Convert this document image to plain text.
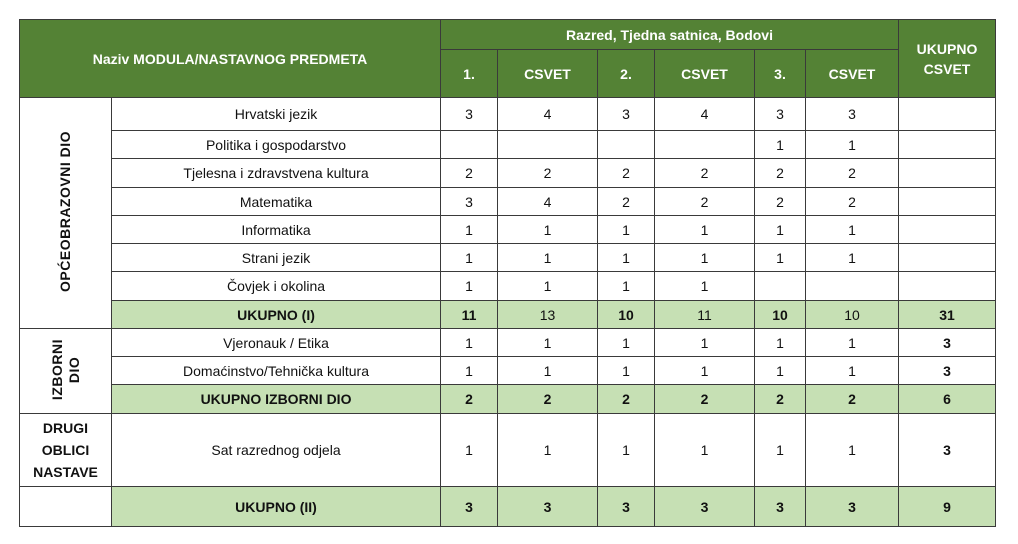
Naziv MODULA/NASTAVNOG PREDMETA		Razred, Tjedna satnica, Bodovi						UKUPNO
CSVET
		1.	CSVET	2.	CSVET	3.	CSVET	
OPĆEOBRAZOVNI DIO	Hrvatski jezik	3	4	3	4	3	3	
	Politika i gospodarstvo					1	1	
	Tjelesna i zdravstvena kultura	2	2	2	2	2	2	
	Matematika	3	4	2	2	2	2	
	Informatika	1	1	1	1	1	1	
	Strani jezik	1	1	1	1	1	1	
	Čovjek i okolina	1	1	1	1			
	UKUPNO (I)	11	13	10	11	10	10	31
IZBORNI
DIO	Vjeronauk / Etika	1	1	1	1	1	1	3
	Domaćinstvo/Tehnička kultura	1	1	1	1	1	1	3
	UKUPNO IZBORNI DIO	2	2	2	2	2	2	6
DRUGI
OBLICI
NASTAVE	Sat razrednog odjela	1	1	1	1	1	1	3
	UKUPNO (II)	3	3	3	3	3	3	9
